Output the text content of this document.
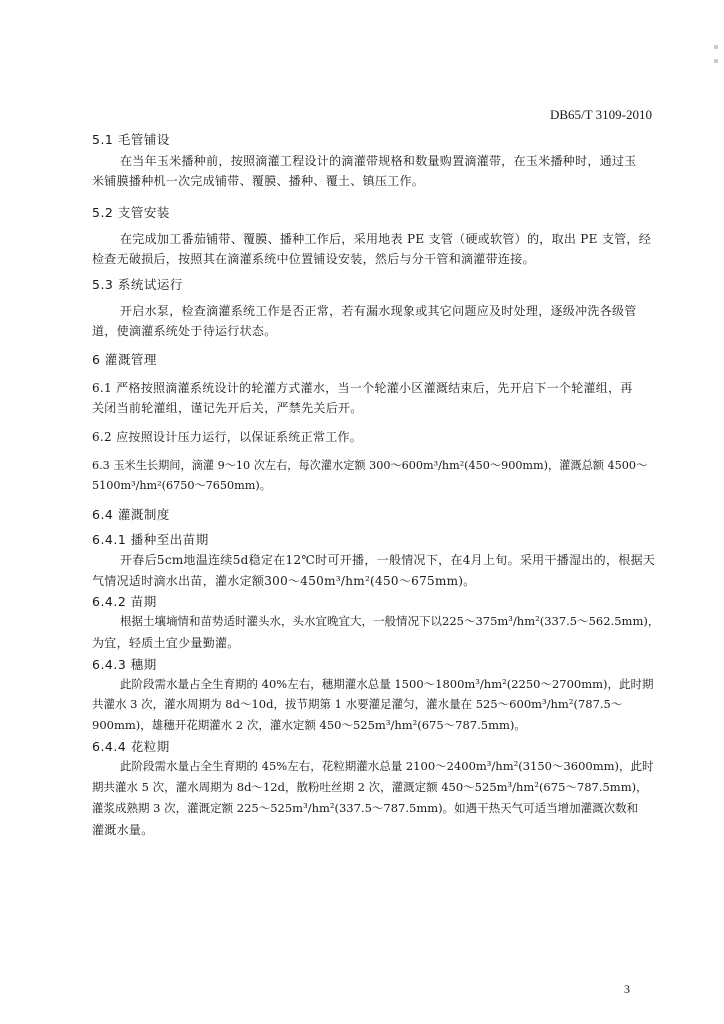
DB65/T 3109-2010
5.1 毛管铺设
在当年玉米播种前，按照滴灌工程设计的滴灌带规格和数量购置滴灌带，在玉米播种时，通过玉
米铺膜播种机一次完成铺带、覆膜、播种、覆土、镇压工作。
5.2 支管安装
在完成加工番茄铺带、覆膜、播种工作后，采用地表 PE 支管（硬或软管）的，取出 PE 支管，经
检查无破损后，按照其在滴灌系统中位置铺设安装，然后与分干管和滴灌带连接。
5.3 系统试运行
开启水泵，检查滴灌系统工作是否正常，若有漏水现象或其它问题应及时处理，逐级冲洗各级管
道，使滴灌系统处于待运行状态。
6 灌溉管理
6.1 严格按照滴灌系统设计的轮灌方式灌水，当一个轮灌小区灌溉结束后，先开启下一个轮灌组，再
关闭当前轮灌组，谨记先开后关，严禁先关后开。
6.2 应按照设计压力运行，以保证系统正常工作。
6.3 玉米生长期间，滴灌 9～10 次左右，每次灌水定额 300～600m³/hm²(450～900mm)，灌溉总额 4500～
5100m³/hm²(6750～7650mm)。
6.4 灌溉制度
6.4.1 播种至出苗期
开春后5cm地温连续5d稳定在12℃时可开播，一般情况下，在4月上旬。采用干播湿出的，根据天
气情况适时滴水出苗，灌水定额300～450m³/hm²(450～675mm)。
6.4.2 苗期
根据土壤墒情和苗势适时灌头水，头水宜晚宜大，一般情况下以225～375m³/hm²(337.5～562.5mm)，
为宜，轻质土宜少量勤灌。
6.4.3 穗期
此阶段需水量占全生育期的 40%左右，穗期灌水总量 1500～1800m³/hm²(2250～2700mm)，此时期
共灌水 3 次，灌水周期为 8d～10d，拔节期第 1 水要灌足灌匀，灌水量在 525～600m³/hm²(787.5～
900mm)，雄穗开花期灌水 2 次，灌水定额 450～525m³/hm²(675～787.5mm)。
6.4.4 花粒期
此阶段需水量占全生育期的 45%左右，花粒期灌水总量 2100～2400m³/hm²(3150～3600mm)，此时
期共灌水 5 次，灌水周期为 8d～12d，散粉吐丝期 2 次，灌溉定额 450～525m³/hm²(675～787.5mm)，
灌浆成熟期 3 次，灌溉定额 225～525m³/hm²(337.5～787.5mm)。如遇干热天气可适当增加灌溉次数和
灌溉水量。
3
